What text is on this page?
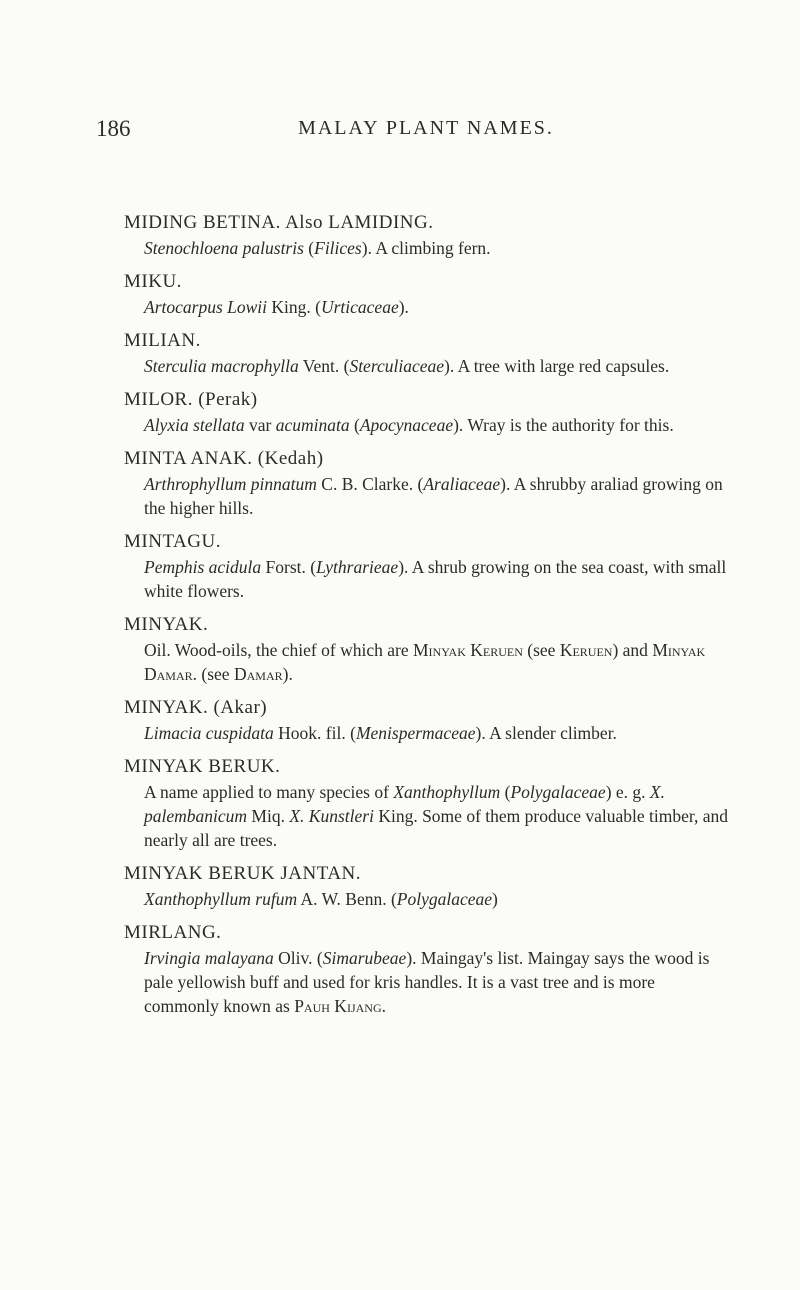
186	MALAY PLANT NAMES.
MIDING BETINA. Also LAMIDING.
Stenochloena palustris (Filices). A climbing fern.
MIKU.
Artocarpus Lowii King. (Urticaceae).
MILIAN.
Sterculia macrophylla Vent. (Sterculiaceae). A tree with large red capsules.
MILOR. (Perak)
Alyxia stellata var acuminata (Apocynaceae). Wray is the authority for this.
MINTA ANAK. (Kedah)
Arthrophyllum pinnatum C. B. Clarke. (Araliaceae). A shrubby araliad growing on the higher hills.
MINTAGU.
Pemphis acidula Forst. (Lythrarieae). A shrub growing on the sea coast, with small white flowers.
MINYAK.
Oil. Wood-oils, the chief of which are Minyak Keruen (see Keruen) and Minyak Damar. (see Damar).
MINYAK. (Akar)
Limacia cuspidata Hook. fil. (Menispermaceae). A slender climber.
MINYAK BERUK.
A name applied to many species of Xanthophyllum (Polygalaceae) e. g. X. palembanicum Miq. X. Kunstleri King. Some of them produce valuable timber, and nearly all are trees.
MINYAK BERUK JANTAN.
Xanthophyllum rufum A. W. Benn. (Polygalaceae)
MIRLANG.
Irvingia malayana Oliv. (Simarubeae). Maingay's list. Maingay says the wood is pale yellowish buff and used for kris handles. It is a vast tree and is more commonly known as Pauh Kijang.
